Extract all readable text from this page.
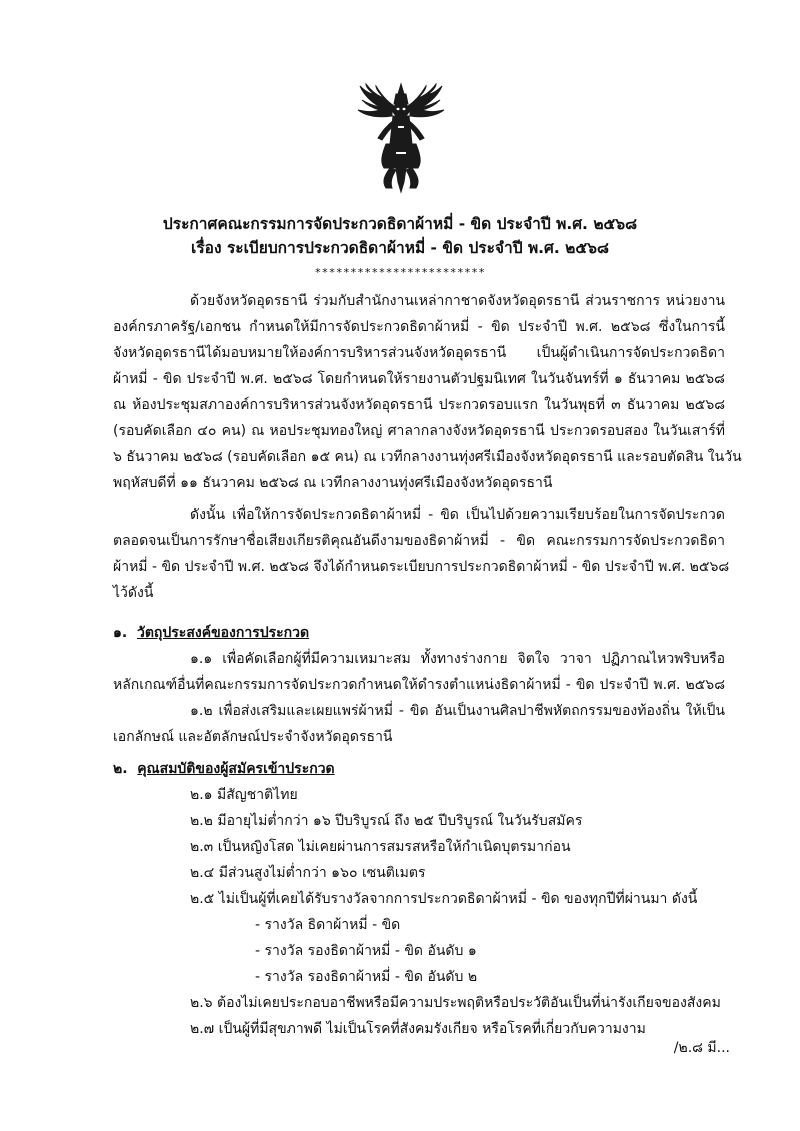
ประกาศคณะกรรมการจัดประกวดธิดาผ้าหมี่ - ขิด ประจำปี พ.ศ. ๒๕๖๘
เรื่อง ระเบียบการประกวดธิดาผ้าหมี่ - ขิด ประจำปี พ.ศ. ๒๕๖๘
************************
ด้วยจังหวัดอุดรธานี ร่วมกับสำนักงานเหล่ากาชาดจังหวัดอุดรธานี ส่วนราชการ หน่วยงาน
องค์กรภาครัฐ/เอกชน กำหนดให้มีการจัดประกวดธิดาผ้าหมี่ - ขิด ประจำปี พ.ศ. ๒๕๖๘ ซึ่งในการนี้
จังหวัดอุดรธานีได้มอบหมายให้องค์การบริหารส่วนจังหวัดอุดรธานี เป็นผู้ดำเนินการจัดประกวดธิดา
ผ้าหมี่ - ขิด ประจำปี พ.ศ. ๒๕๖๘ โดยกำหนดให้รายงานตัวปฐมนิเทศ ในวันจันทร์ที่ ๑ ธันวาคม ๒๕๖๘
ณ ห้องประชุมสภาองค์การบริหารส่วนจังหวัดอุดรธานี ประกวดรอบแรก ในวันพุธที่ ๓ ธันวาคม ๒๕๖๘
(รอบคัดเลือก ๔๐ คน) ณ หอประชุมทองใหญ่ ศาลากลางจังหวัดอุดรธานี ประกวดรอบสอง ในวันเสาร์ที่
๖ ธันวาคม ๒๕๖๘ (รอบคัดเลือก ๑๕ คน) ณ เวทีกลางงานทุ่งศรีเมืองจังหวัดอุดรธานี และรอบตัดสิน ในวัน
พฤหัสบดีที่ ๑๑ ธันวาคม ๒๕๖๘ ณ เวทีกลางงานทุ่งศรีเมืองจังหวัดอุดรธานี
ดังนั้น เพื่อให้การจัดประกวดธิดาผ้าหมี่ - ขิด เป็นไปด้วยความเรียบร้อยในการจัดประกวด
ตลอดจนเป็นการรักษาชื่อเสียงเกียรติคุณอันดีงามของธิดาผ้าหมี่ - ขิด คณะกรรมการจัดประกวดธิดา
ผ้าหมี่ - ขิด ประจำปี พ.ศ. ๒๕๖๘ จึงได้กำหนดระเบียบการประกวดธิดาผ้าหมี่ - ขิด ประจำปี พ.ศ. ๒๕๖๘
ไว้ดังนี้
๑. วัตถุประสงค์ของการประกวด
๑.๑ เพื่อคัดเลือกผู้ที่มีความเหมาะสม ทั้งทางร่างกาย จิตใจ วาจา ปฏิภาณไหวพริบหรือ
หลักเกณฑ์อื่นที่คณะกรรมการจัดประกวดกำหนดให้ดำรงตำแหน่งธิดาผ้าหมี่ - ขิด ประจำปี พ.ศ. ๒๕๖๘
๑.๒ เพื่อส่งเสริมและเผยแพร่ผ้าหมี่ - ขิด อันเป็นงานศิลปาชีพหัตถกรรมของท้องถิ่น ให้เป็น
เอกลักษณ์ และอัตลักษณ์ประจำจังหวัดอุดรธานี
๒. คุณสมบัติของผู้สมัครเข้าประกวด
๒.๑ มีสัญชาติไทย
๒.๒ มีอายุไม่ต่ำกว่า ๑๖ ปีบริบูรณ์ ถึง ๒๕ ปีบริบูรณ์ ในวันรับสมัคร
๒.๓ เป็นหญิงโสด ไม่เคยผ่านการสมรสหรือให้กำเนิดบุตรมาก่อน
๒.๔ มีส่วนสูงไม่ต่ำกว่า ๑๖๐ เซนติเมตร
๒.๕ ไม่เป็นผู้ที่เคยได้รับรางวัลจากการประกวดธิดาผ้าหมี่ - ขิด ของทุกปีที่ผ่านมา ดังนี้
- รางวัล ธิดาผ้าหมี่ - ขิด
- รางวัล รองธิดาผ้าหมี่ - ขิด อันดับ ๑
- รางวัล รองธิดาผ้าหมี่ - ขิด อันดับ ๒
๒.๖ ต้องไม่เคยประกอบอาชีพหรือมีความประพฤติหรือประวัติอันเป็นที่น่ารังเกียจของสังคม
๒.๗ เป็นผู้ที่มีสุขภาพดี ไม่เป็นโรคที่สังคมรังเกียจ หรือโรคที่เกี่ยวกับความงาม
/๒.๘ มี...
